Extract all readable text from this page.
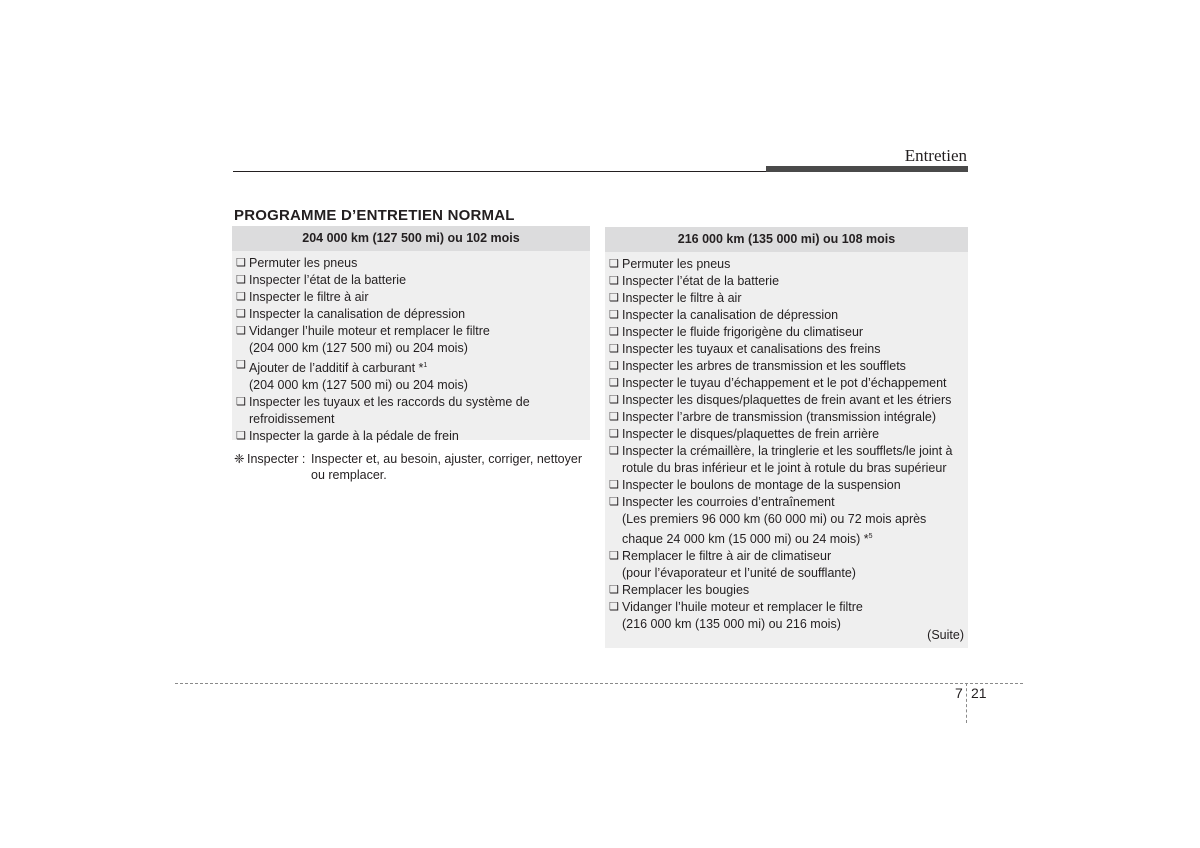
Entretien
PROGRAMME D’ENTRETIEN NORMAL
204 000 km (127 500 mi) ou 102 mois
❑ Permuter les pneus
❑ Inspecter l’état de la batterie
❑ Inspecter le filtre à air
❑ Inspecter la canalisation de dépression
❑ Vidanger l’huile moteur et remplacer le filtre
(204 000 km (127 500 mi) ou 204 mois)
❑ Ajouter de l’additif à carburant *$^1$
(204 000 km (127 500 mi) ou 204 mois)
❑ Inspecter les tuyaux et les raccords du système de
refroidissement
❑ Inspecter la garde à la pédale de frein
❈ Inspecter : Inspecter et, au besoin, ajuster, corriger, nettoyer ou remplacer.
216 000 km (135 000 mi) ou 108 mois
❑ Permuter les pneus
❑ Inspecter l’état de la batterie
❑ Inspecter le filtre à air
❑ Inspecter la canalisation de dépression
❑ Inspecter le fluide frigorigène du climatiseur
❑ Inspecter les tuyaux et canalisations des freins
❑ Inspecter les arbres de transmission et les soufflets
❑ Inspecter le tuyau d’échappement et le pot d’échappement
❑ Inspecter les disques/plaquettes de frein avant et les étriers
❑ Inspecter l’arbre de transmission (transmission intégrale)
❑ Inspecter le disques/plaquettes de frein arrière
❑ Inspecter la crémaillère, la tringlerie et les soufflets/le joint à
rotule du bras inférieur et le joint à rotule du bras supérieur
❑ Inspecter le boulons de montage de la suspension
❑ Inspecter les courroies d’entraînement
(Les premiers 96 000 km (60 000 mi) ou 72 mois après
chaque 24 000 km (15 000 mi) ou 24 mois) *$^5$
❑ Remplacer le filtre à air de climatiseur
(pour l’évaporateur et l’unité de soufflante)
❑ Remplacer les bougies
❑ Vidanger l’huile moteur et remplacer le filtre
(216 000 km (135 000 mi) ou 216 mois)
(Suite)
7 21
